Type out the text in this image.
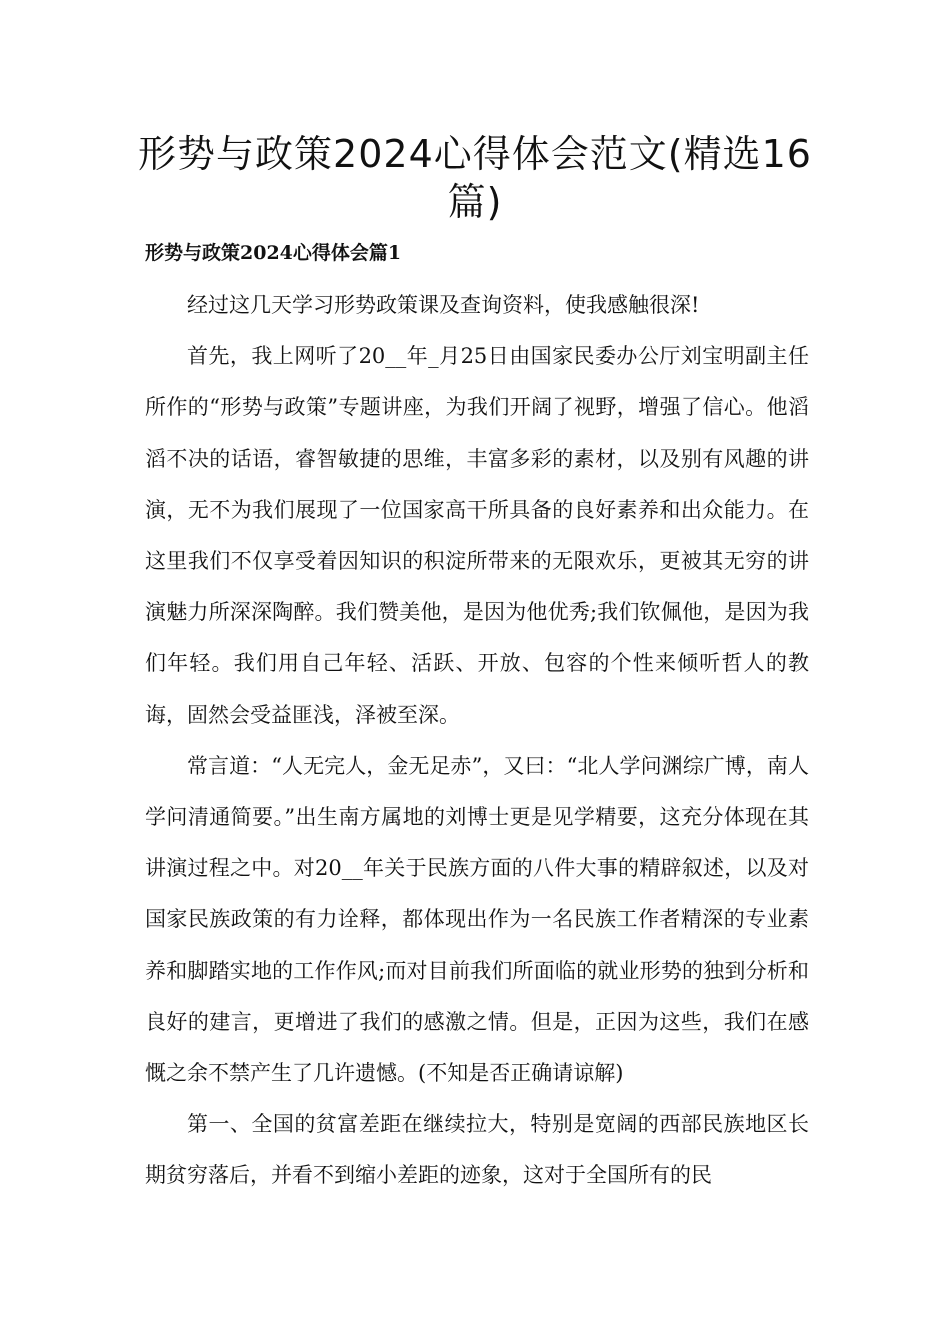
形势与政策2024心得体会范文(精选16篇)
形势与政策2024心得体会篇1

经过这几天学习形势政策课及查询资料，使我感触很深!

首先，我上网听了20__年_月25日由国家民委办公厅刘宝明副主任所作的“形势与政策”专题讲座，为我们开阔了视野，增强了信心。他滔滔不决的话语，睿智敏捷的思维，丰富多彩的素材，以及别有风趣的讲演，无不为我们展现了一位国家高干所具备的良好素养和出众能力。在这里我们不仅享受着因知识的积淀所带来的无限欢乐，更被其无穷的讲演魅力所深深陶醉。我们赞美他，是因为他优秀;我们钦佩他，是因为我们年轻。我们用自己年轻、活跃、开放、包容的个性来倾听哲人的教诲，固然会受益匪浅，泽被至深。

常言道：“人无完人，金无足赤”，又曰：“北人学问渊综广博，南人学问清通简要。”出生南方属地的刘博士更是见学精要，这充分体现在其讲演过程之中。对20__年关于民族方面的八件大事的精辟叙述，以及对国家民族政策的有力诠释，都体现出作为一名民族工作者精深的专业素养和脚踏实地的工作作风;而对目前我们所面临的就业形势的独到分析和良好的建言，更增进了我们的感激之情。但是，正因为这些，我们在感慨之余不禁产生了几许遗憾。(不知是否正确请谅解)

第一、全国的贫富差距在继续拉大，特别是宽阔的西部民族地区长期贫穷落后，并看不到缩小差距的迹象，这对于全国所有的民
